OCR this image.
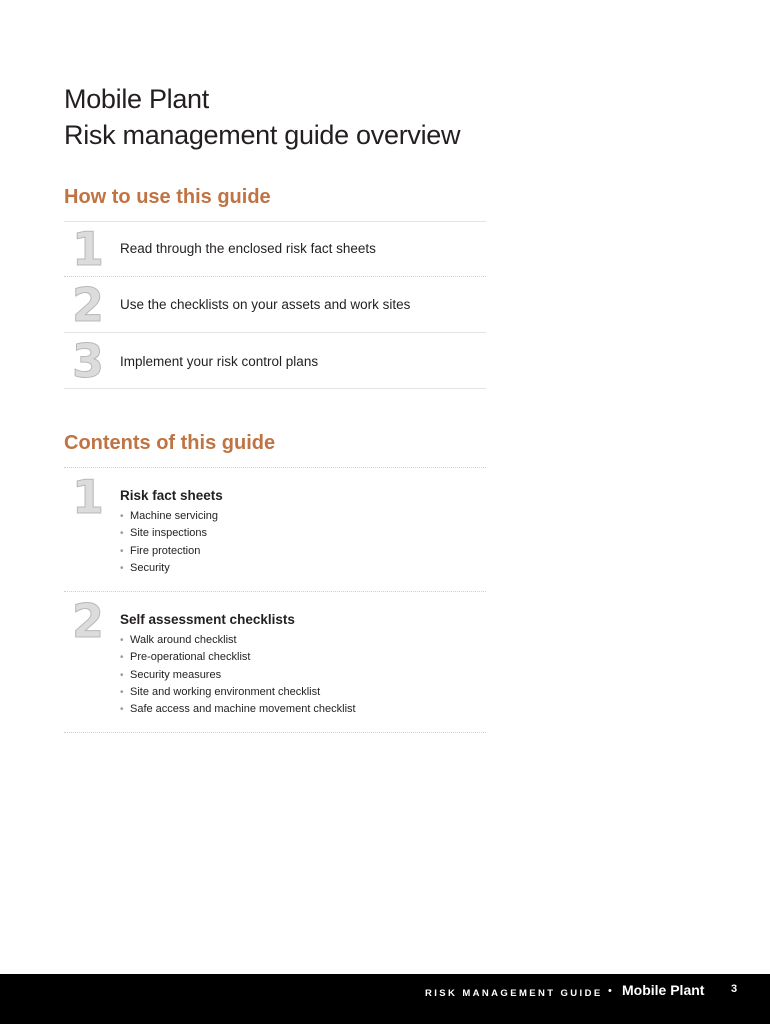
Mobile Plant
Risk management guide overview
How to use this guide
1 Read through the enclosed risk fact sheets
2 Use the checklists on your assets and work sites
3 Implement your risk control plans
Contents of this guide
1 Risk fact sheets
• Machine servicing
• Site inspections
• Fire protection
• Security
2 Self assessment checklists
• Walk around checklist
• Pre-operational checklist
• Security measures
• Site and working environment checklist
• Safe access and machine movement checklist
RISK MANAGEMENT GUIDE • Mobile Plant 3
